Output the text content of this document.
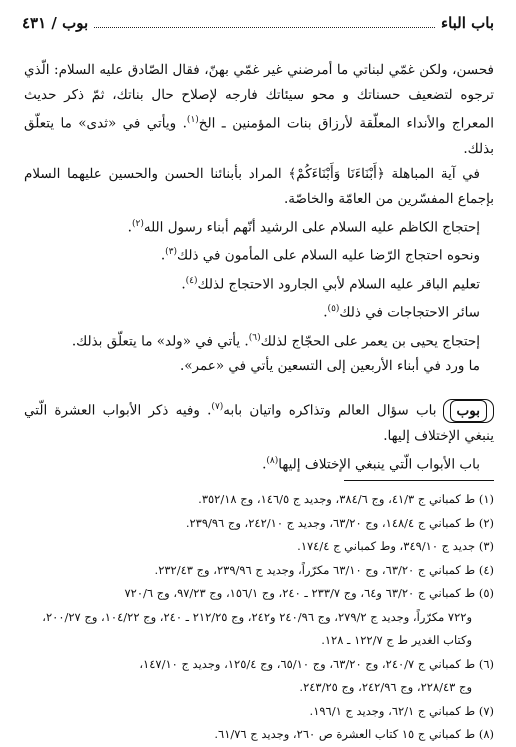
باب الباء
بوب / ٤٣١

فحسن، ولكن غمّي لبناتي ما أمرضني غير غمّي بهنّ، فقال الصّادق عليه السلام: الّذي ترجوه لتضعيف حسناتك و محو سيئاتك فارجه لإصلاح حال بناتك، ثمّ ذكر حديث المعراج والأنداء المعلّقة لأرزاق بنات المؤمنين ـ الخ$^{(١)}$. ويأتي في «ثدى» ما يتعلّق بذلك.

في آية المباهلة ﴿أَبْنَاءَنَا وَأَبْنَاءَكُمْ﴾ المراد بأبنائنا الحسن والحسين عليهما السلام بإجماع المفسّرين من العامّة والخاصّة.

إحتجاج الكاظم عليه السلام على الرشيد أنّهم أبناء رسول الله$^{(٢)}$.

ونحوه احتجاج الرّضا عليه السلام على المأمون في ذلك$^{(٣)}$.

تعليم الباقر عليه السلام لأبي الجارود الاحتجاج لذلك$^{(٤)}$.

سائر الاحتجاجات في ذلك$^{(٥)}$.

إحتجاج يحيى بن يعمر على الحجّاج لذلك$^{(٦)}$. يأتي في «ولد» ما يتعلّق بذلك.

ما ورد في أبناء الأربعين إلى التسعين يأتي في «عمر».

بوبباب سؤال العالم وتذاكره واتيان بابه$^{(٧)}$. وفيه ذكر الأبواب العشرة الّتي ينبغي الإختلاف إليها.

باب الأبواب الّتي ينبغي الإختلاف إليها$^{(٨)}$.

(١) ط كمباني ج ٤١/٣، وج ٣٨٤/٦، وجديد ج ١٤٦/٥، وج ٣٥٢/١٨.

(٢) ط كمباني ج ١٤٨/٤، وج ٦٣/٢٠، وجديد ج ٢٤٢/١٠، وج ٢٣٩/٩٦.

(٣) جديد ج ٣٤٩/١٠، وط كمباني ج ١٧٤/٤.

(٤) ط كمباني ج ٦٣/٢٠، وج ٦٣/١٠ مكرّراً، وجديد ج ٢٣٩/٩٦، وج ٢٣٢/٤٣.

(٥) ط كمباني ج ٦٣/٢٠ و٦٤، وج ٢٣٣/٧ ـ ٢٤٠، وج ١٥٦/١، وج ٩٧/٢٣، وج ٧٢٠/٦
و٧٢٢ مكرّراً، وجديد ج ٢٧٩/٢، وج ٢٤٠/٩٦ و٢٤٢، وج ٢١٢/٢٥ ـ ٢٤٠، وج ١٠٤/٢٢، وج ٢٠٠/٢٧، وكتاب الغدير ط ج ١٢٢/٧ ـ ١٢٨.

(٦) ط كمباني ج ٢٤٠/٧، وج ٦٣/٢٠، وج ٦٥/١٠، وج ١٢٥/٤، وجديد ج ١٤٧/١٠،
وج ٢٢٨/٤٣، وج ٢٤٢/٩٦، وج ٢٤٣/٢٥.

(٧) ط كمباني ج ٦٢/١، وجديد ج ١٩٦/١.

(٨) ط كمباني ج ١٥ كتاب العشرة ص ٢٦٠، وجديد ج ٦١/٧٦.
